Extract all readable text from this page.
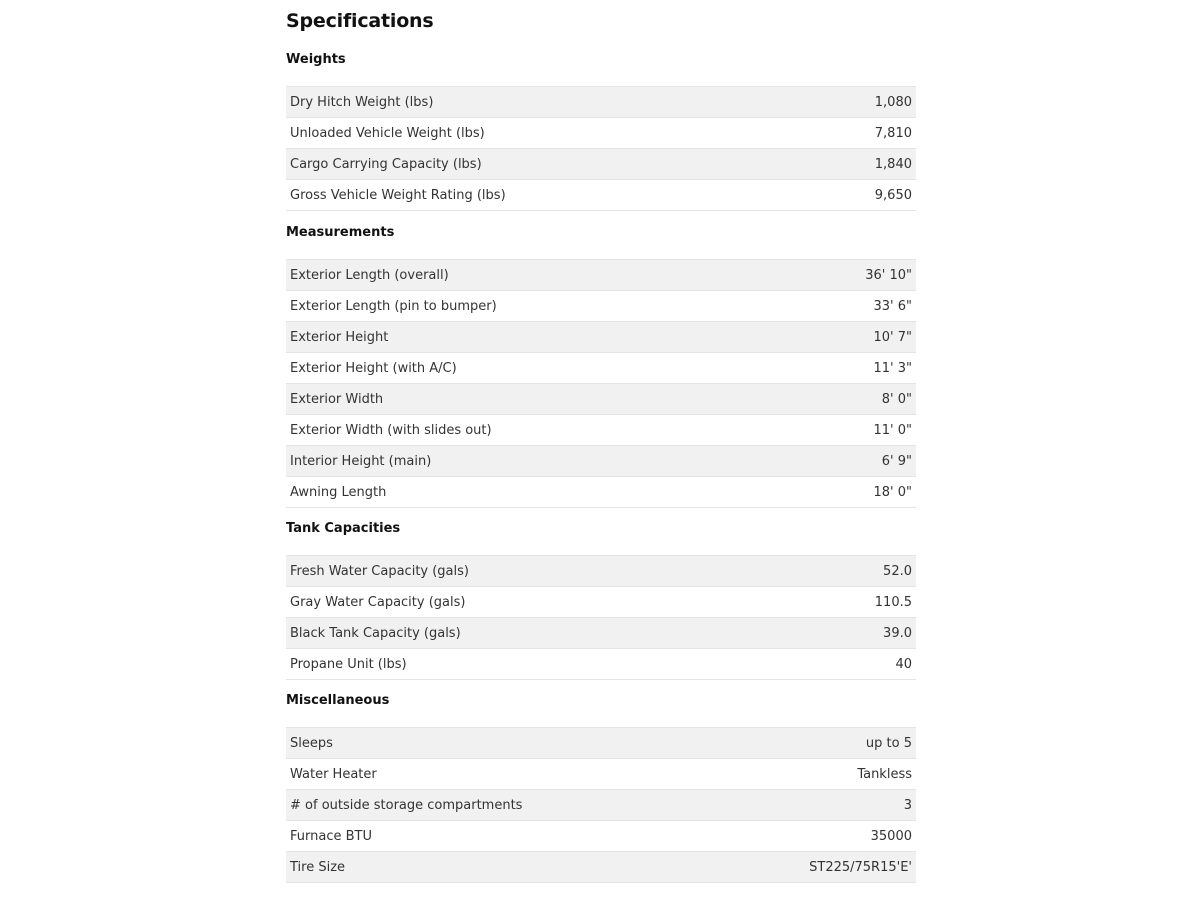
Specifications
Weights
Dry Hitch Weight (lbs)	1,080
Unloaded Vehicle Weight (lbs)	7,810
Cargo Carrying Capacity (lbs)	1,840
Gross Vehicle Weight Rating (lbs)	9,650
Measurements
Exterior Length (overall)	36' 10"
Exterior Length (pin to bumper)	33' 6"
Exterior Height	10' 7"
Exterior Height (with A/C)	11' 3"
Exterior Width	8' 0"
Exterior Width (with slides out)	11' 0"
Interior Height (main)	6' 9"
Awning Length	18' 0"
Tank Capacities
Fresh Water Capacity (gals)	52.0
Gray Water Capacity (gals)	110.5
Black Tank Capacity (gals)	39.0
Propane Unit (lbs)	40
Miscellaneous
Sleeps	up to 5
Water Heater	Tankless
# of outside storage compartments	3
Furnace BTU	35000
Tire Size	ST225/75R15'E'
